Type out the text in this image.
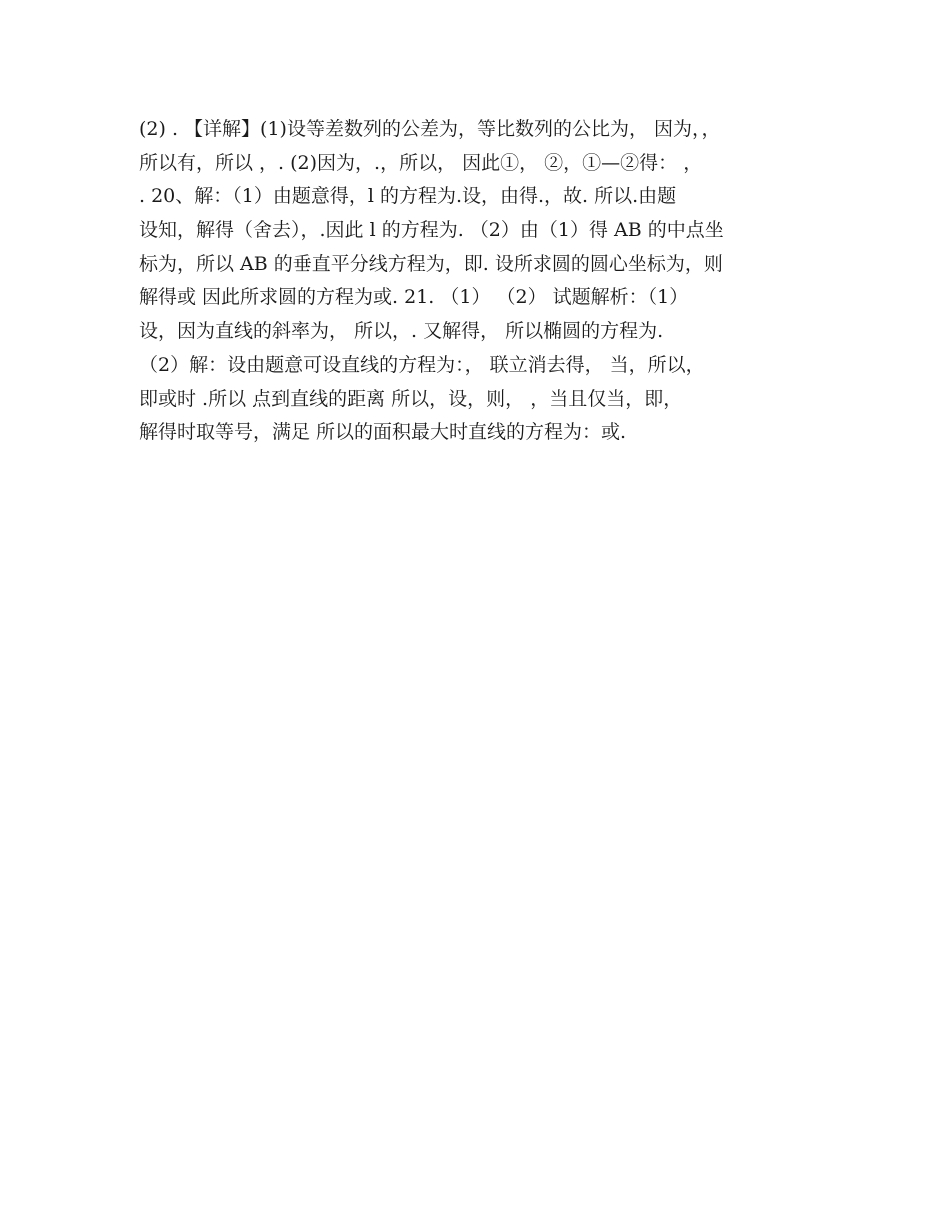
(2) . 【详解】(1)设等差数列的公差为，等比数列的公比为， 因为，，
所以有，所以 ，. (2)因为，.，所以， 因此①， ②，①—②得： ，
. 20、解：（1）由题意得，l 的方程为.设，由得.，故. 所以.由题
设知，解得（舍去），.因此 l 的方程为. （2）由（1）得 AB 的中点坐
标为，所以 AB 的垂直平分线方程为，即. 设所求圆的圆心坐标为，则
解得或 因此所求圆的方程为或. 21. （1） （2） 试题解析：（1）
设，因为直线的斜率为， 所以，. 又解得， 所以椭圆的方程为.
（2）解：设由题意可设直线的方程为：， 联立消去得， 当，所以，
即或时 .所以 点到直线的距离 所以，设，则， ，当且仅当，即，
解得时取等号，满足 所以的面积最大时直线的方程为：或.
